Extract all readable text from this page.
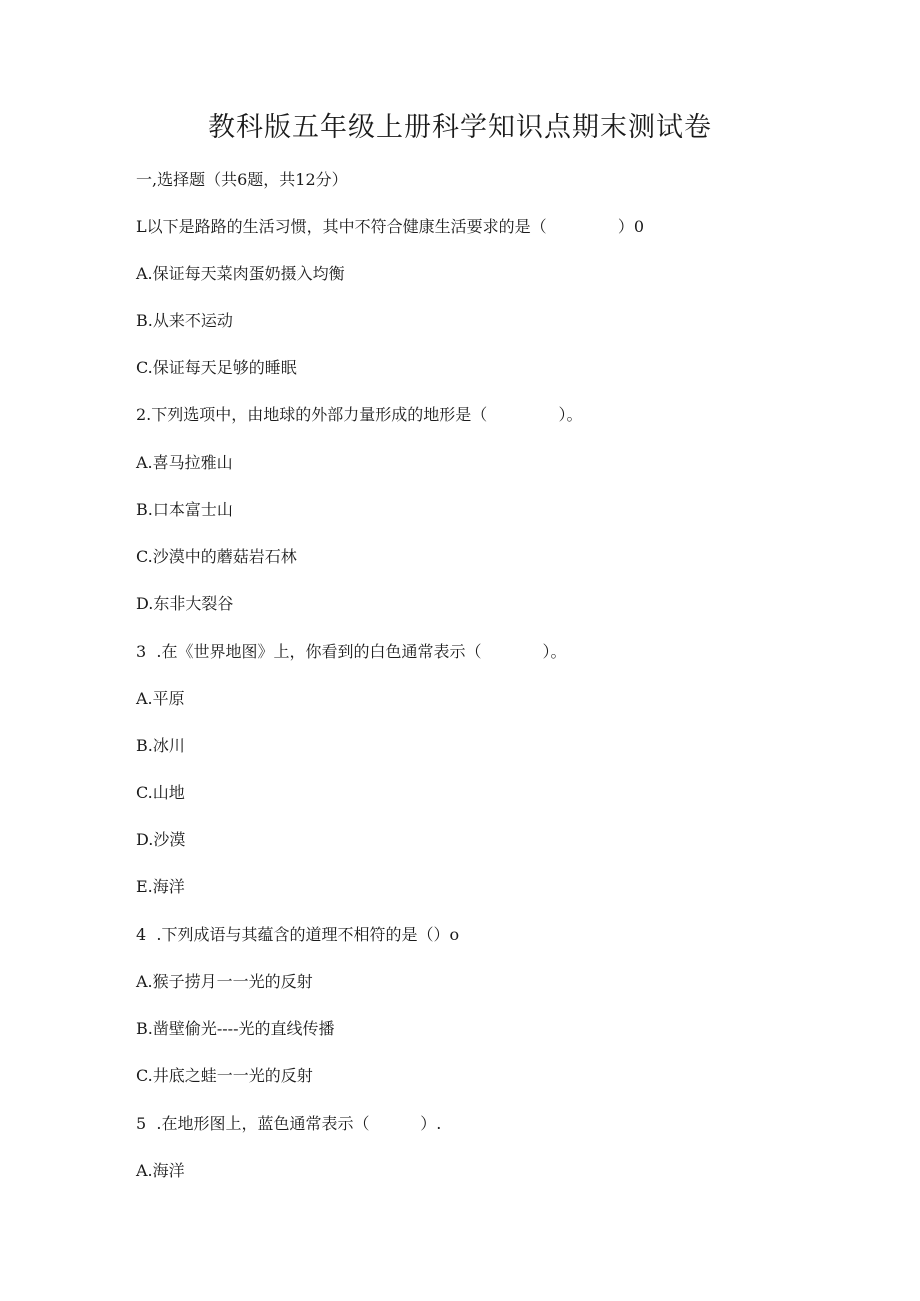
教科版五年级上册科学知识点期末测试卷
一,选择题（共6题，共12分）
L以下是路路的生活习惯，其中不符合健康生活要求的是（              ）0
A.保证每天菜肉蛋奶摄入均衡
B.从来不运动
C.保证每天足够的睡眠
2.下列选项中，由地球的外部力量形成的地形是（              ）。
A.喜马拉雅山
B.口本富士山
C.沙漠中的蘑菇岩石林
D.东非大裂谷
3  .在《世界地图》上，你看到的白色通常表示（            ）。
A.平原
B.冰川
C.山地
D.沙漠
E.海洋
4  .下列成语与其蕴含的道理不相符的是（）o
A.猴子捞月一一光的反射
B.凿壁偷光----光的直线传播
C.井底之蛙一一光的反射
5  .在地形图上，蓝色通常表示（          ）.
A.海洋
